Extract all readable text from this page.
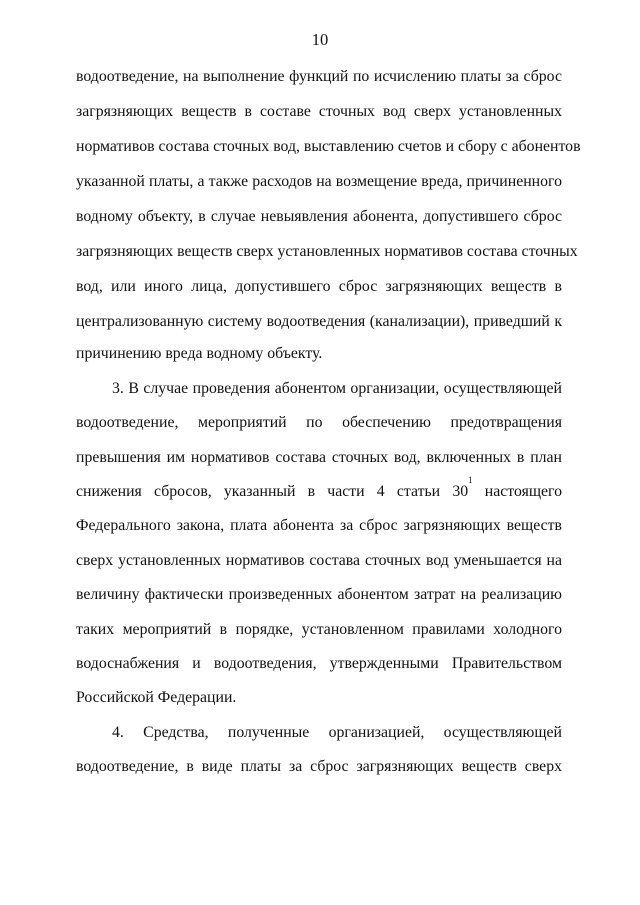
10
водоотведение, на выполнение функций по исчислению платы за сброс
загрязняющих веществ в составе сточных вод сверх установленных
нормативов состава сточных вод, выставлению счетов и сбору с абонентов
указанной платы, а также расходов на возмещение вреда, причиненного
водному объекту, в случае невыявления абонента, допустившего сброс
загрязняющих веществ сверх установленных нормативов состава сточных
вод, или иного лица, допустившего сброс загрязняющих веществ в
централизованную систему водоотведения (канализации), приведший к
причинению вреда водному объекту.
3. В случае проведения абонентом организации, осуществляющей
водоотведение, мероприятий по обеспечению предотвращения
превышения им нормативов состава сточных вод, включенных в план
снижения сбросов, указанный в части 4 статьи $30^1$ настоящего
Федерального закона, плата абонента за сброс загрязняющих веществ
сверх установленных нормативов состава сточных вод уменьшается на
величину фактически произведенных абонентом затрат на реализацию
таких мероприятий в порядке, установленном правилами холодного
водоснабжения и водоотведения, утвержденными Правительством
Российской Федерации.
4. Средства, полученные организацией, осуществляющей
водоотведение, в виде платы за сброс загрязняющих веществ сверх
